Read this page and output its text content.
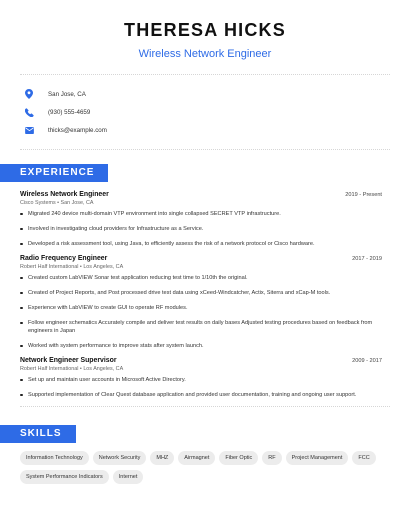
THERESA HICKS
Wireless Network Engineer
San Jose, CA
(930) 555-4659
thicks@example.com
EXPERIENCE
Wireless Network Engineer	2019 - Present
Cisco Systems • San Jose, CA
Migrated 240 device multi-domain VTP environment into single collapsed SECRET VTP infrastructure.
Involved in investigating cloud providers for Infrastructure as a Service.
Developed a risk assessment tool, using Java, to efficiently assess the risk of a network protocol or Cisco hardware.
Radio Frequency Engineer	2017 - 2019
Robert Half International • Los Angeles, CA
Created custom LabVIEW Sonar test application reducing test time to 1/10th the original.
Created of Project Reports, and Post processed drive test data using xCeed-Windcatcher, Actix, Siterra and xCap-M tools.
Experience with LabVIEW to create GUI to operate RF modules.
Follow engineer schematics Accurately compile and deliver test results on daily bases Adjusted testing procedures based on feedback from engineers in Japan
Worked with system performance to improve stats after system launch.
Network Engineer Supervisor	2009 - 2017
Robert Half International • Los Angeles, CA
Set up and maintain user accounts in Microsoft Active Directory.
Supported implementation of Clear Quest database application and provided user documentation, training and ongoing user support.
SKILLS
Information Technology	Network Security	MHZ	Airmagnet	Fiber Optic	RF	Project Management	FCC
System Performance Indicators	Internet
